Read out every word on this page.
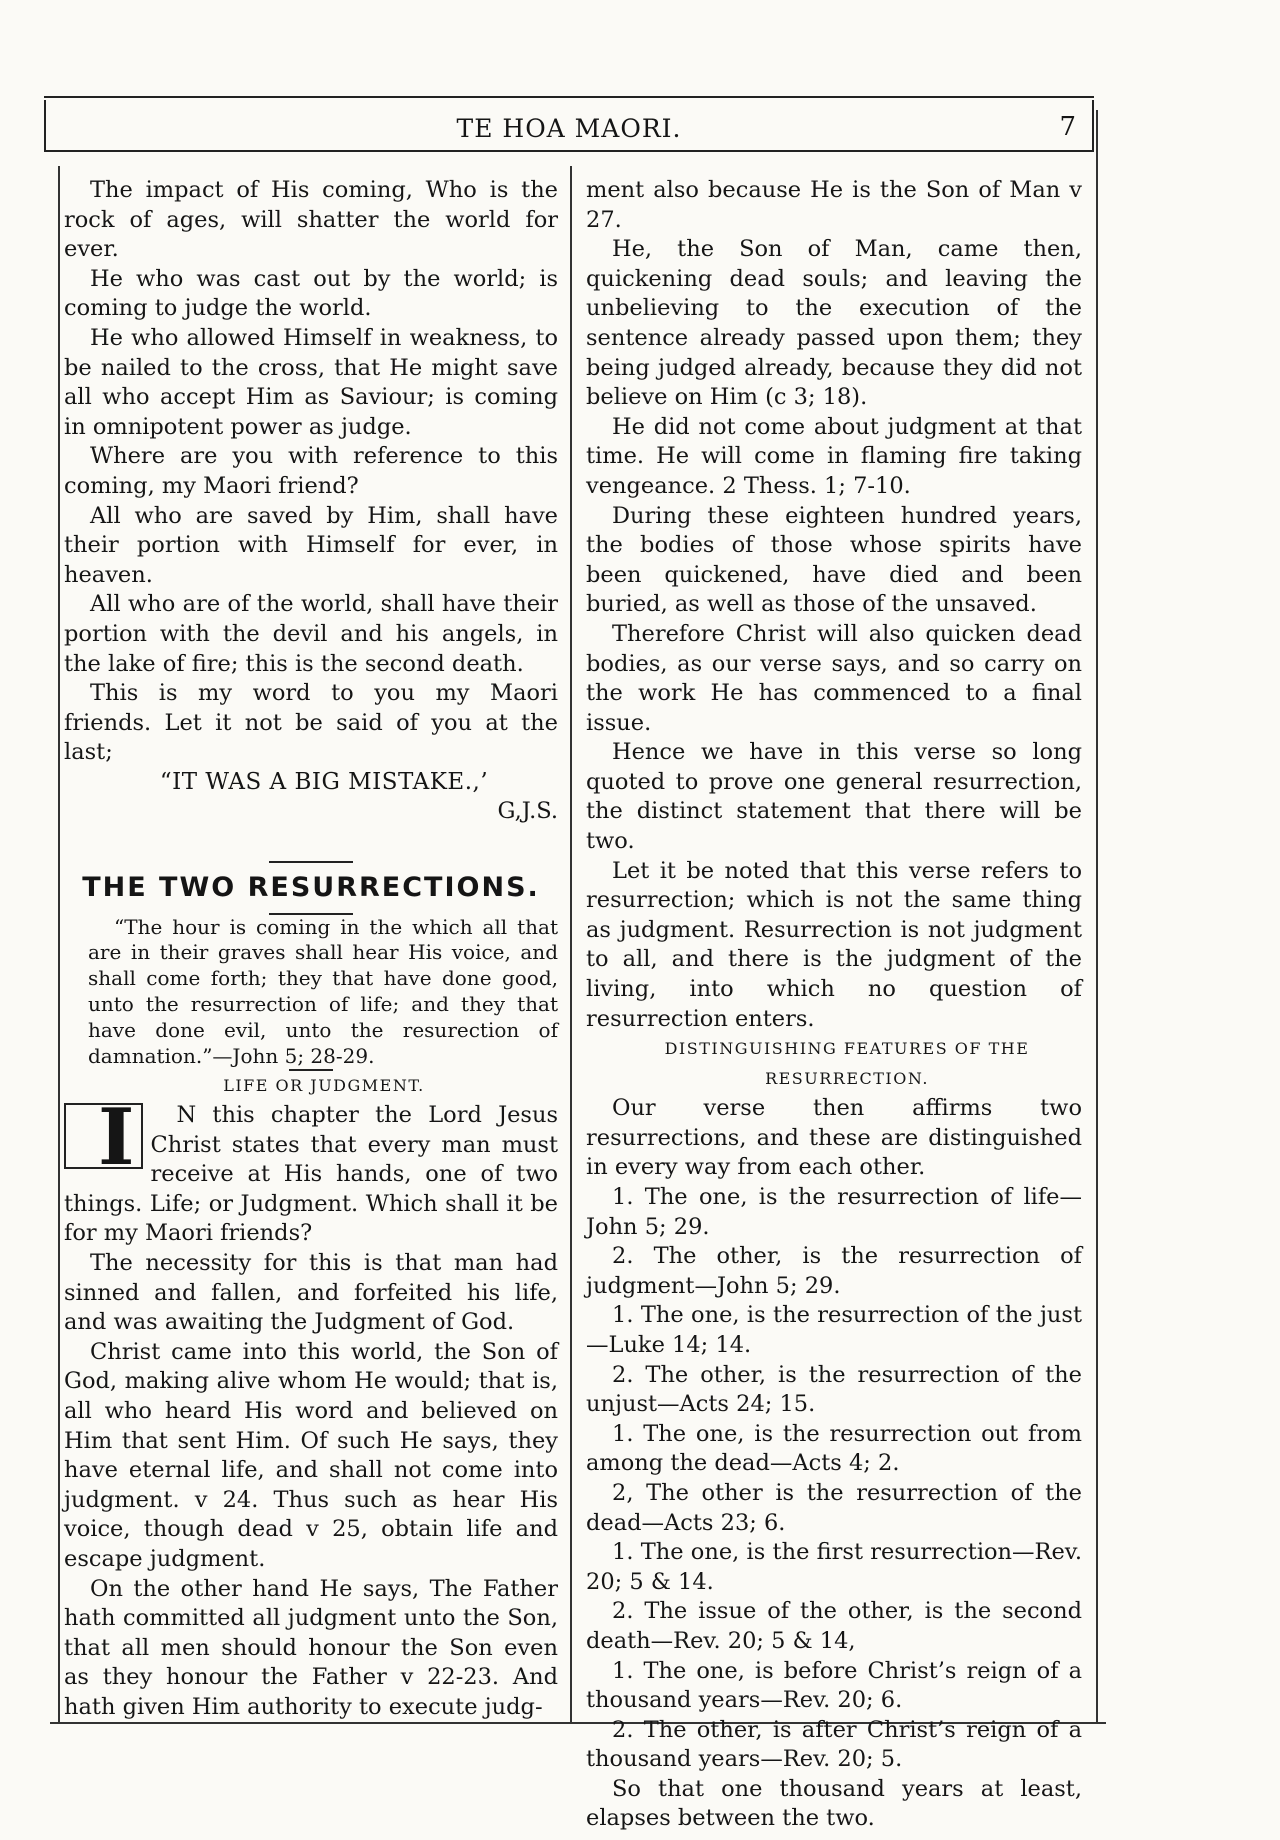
TE HOA MAORI.	7

The impact of His coming, Who is the rock of ages, will shatter the world for ever.

He who was cast out by the world; is coming to judge the world.

He who allowed Himself in weakness, to be nailed to the cross, that He might save all who accept Him as Saviour; is coming in omnipotent power as judge.

Where are you with reference to this coming, my Maori friend?

All who are saved by Him, shall have their portion with Himself for ever, in heaven.

All who are of the world, shall have their portion with the devil and his angels, in the lake of fire; this is the second death.

This is my word to you my Maori friends. Let it not be said of you at the last;

“IT WAS A BIG MISTAKE.,’

G,J.S.

THE TWO RESURRECTIONS.

“The hour is coming in the which all that are in their graves shall hear His voice, and shall come forth; they that have done good, unto the resurrection of life; and they that have done evil, unto the resurection of damnation.”—John 5; 28-29.

LIFE OR JUDGMENT.

I	N this chapter the Lord Jesus Christ states that every man must receive at His hands, one of two things. Life; or Judgment. Which shall it be for my Maori friends?

The necessity for this is that man had sinned and fallen, and forfeited his life, and was awaiting the Judgment of God.

Christ came into this world, the Son of God, making alive whom He would; that is, all who heard His word and believed on Him that sent Him. Of such He says, they have eternal life, and shall not come into judgment. v 24. Thus such as hear His voice, though dead v 25, obtain life and escape judgment.

On the other hand He says, The Father hath committed all judgment unto the Son, that all men should honour the Son even as they honour the Father v 22-23. And hath given Him authority to execute judg-

ment also because He is the Son of Man v 27.

He, the Son of Man, came then, quickening dead souls; and leaving the unbelieving to the execution of the sentence already passed upon them; they being judged already, because they did not believe on Him (c 3; 18).

He did not come about judgment at that time. He will come in flaming fire taking vengeance. 2 Thess. 1; 7-10.

During these eighteen hundred years, the bodies of those whose spirits have been quickened, have died and been buried, as well as those of the unsaved.

Therefore Christ will also quicken dead bodies, as our verse says, and so carry on the work He has commenced to a final issue.

Hence we have in this verse so long quoted to prove one general resurrection, the distinct statement that there will be two.

Let it be noted that this verse refers to resurrection; which is not the same thing as judgment. Resurrection is not judgment to all, and there is the judgment of the living, into which no question of resurrection enters.

DISTINGUISHING FEATURES OF THE

RESURRECTION.

Our verse then affirms two resurrections, and these are distinguished in every way from each other.

1. The one, is the resurrection of life—John 5; 29.

2. The other, is the resurrection of judgment—John 5; 29.

1. The one, is the resurrection of the just —Luke 14; 14.

2. The other, is the resurrection of the unjust—Acts 24; 15.

1. The one, is the resurrection out from among the dead—Acts 4; 2.

2, The other is the resurrection of the dead—Acts 23; 6.

1. The one, is the first resurrection—Rev. 20; 5 & 14.

2. The issue of the other, is the second death—Rev. 20; 5 & 14,

1. The one, is before Christ’s reign of a thousand years—Rev. 20; 6.

2. The other, is after Christ’s reign of a thousand years—Rev. 20; 5.

So that one thousand years at least, elapses between the two.
